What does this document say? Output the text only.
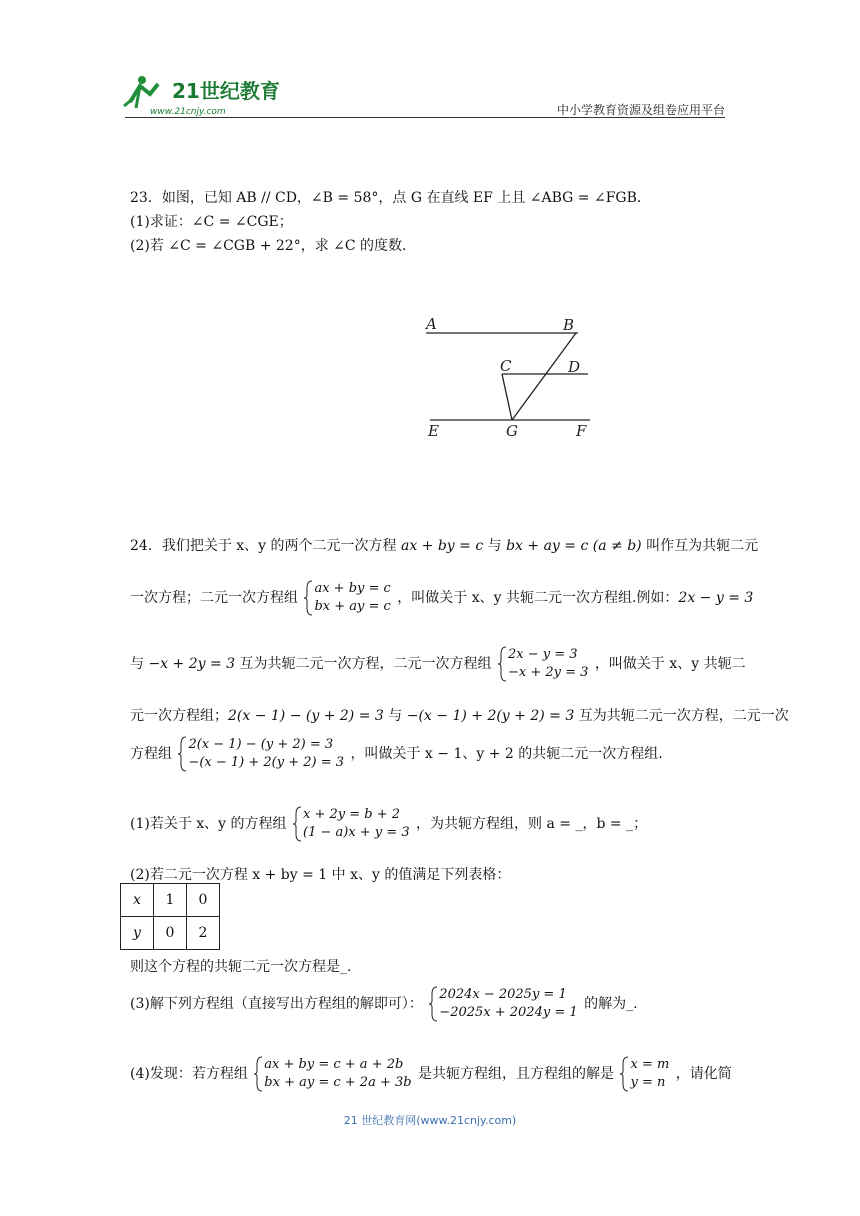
21世纪教育
www.21cnjy.com	中小学教育资源及组卷应用平台
23．如图，已知 AB // CD，∠B = 58°，点 G 在直线 EF 上且 ∠ABG = ∠FGB．
(1)求证：∠C = ∠CGE；
(2)若 ∠C = ∠CGB + 22°，求 ∠C 的度数．
A	B
C	D
E	G	F
24．我们把关于 x、y 的两个二元一次方程 ax + by = c 与 bx + ay = c (a ≠ b) 叫作互为共轭二元
一次方程；二元一次方程组
ax + by = c
bx + ay = c
，叫做关于 x、y 共轭二元一次方程组.例如：2x − y = 3
与 −x + 2y = 3 互为共轭二元一次方程，二元一次方程组
2x − y = 3
−x + 2y = 3
，叫做关于 x、y 共轭二
元一次方程组；2(x − 1) − (y + 2) = 3 与 −(x − 1) + 2(y + 2) = 3 互为共轭二元一次方程，二元一次
方程组
2(x − 1) − (y + 2) = 3
−(x − 1) + 2(y + 2) = 3
，叫做关于 x − 1、y + 2 的共轭二元一次方程组.
(1)若关于 x、y 的方程组
x + 2y = b + 2
(1 − a)x + y = 3
，为共轭方程组，则 a = _，b = _；
(2)若二元一次方程 x + by = 1 中 x、y 的值满足下列表格：
x	1	0
y	0	2
则这个方程的共轭二元一次方程是_.
(3)解下列方程组（直接写出方程组的解即可）：
2024x − 2025y = 1
−2025x + 2024y = 1
的解为_.
(4)发现：若方程组
ax + by = c + a + 2b
bx + ay = c + 2a + 3b
是共轭方程组，且方程组的解是
x = m
y = n
，请化简
21 世纪教育网(www.21cnjy.com)
